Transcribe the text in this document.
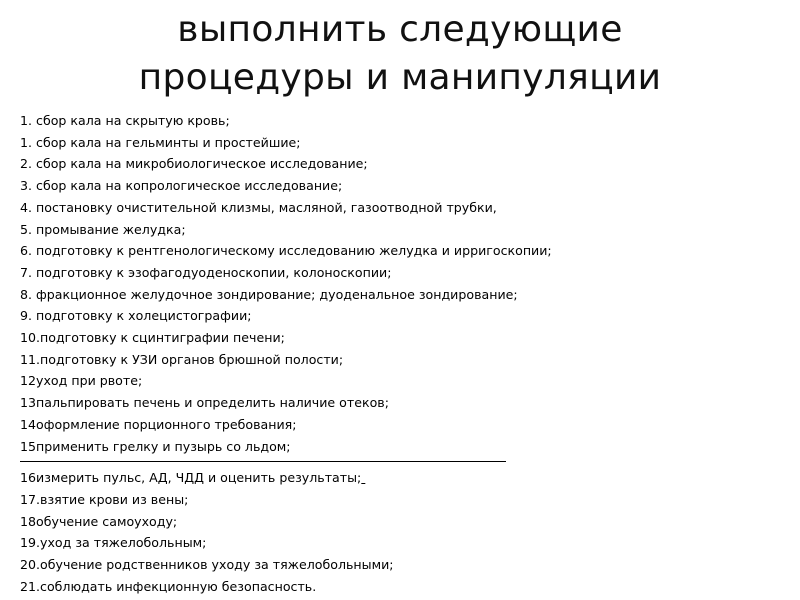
выполнить следующие
процедуры и манипуляции
1. сбор кала на скрытую кровь;
1. сбор кала на гельминты и простейшие;
2. сбор кала на микробиологическое исследование;
3. сбор кала на копрологическое исследование;
4. постановку очистительной клизмы, масляной, газоотводной трубки,
5. промывание желудка;
6. подготовку к рентгенологическому исследованию желудка и ирригоскопии;
7. подготовку к эзофагодуоденоскопии, колоноскопии;
8. фракционное желудочное зондирование; дуоденальное зондирование;
9. подготовку к холецистографии;
10.подготовку к сцинтиграфии печени;
11.подготовку к УЗИ органов брюшной полости;
12уход при рвоте;
13пальпировать печень и определить наличие отеков;
14оформление порционного требования;
15применить грелку и пузырь со льдом;
16измерить пульс, АД, ЧДД и оценить результаты;
17.взятие крови из вены;
18обучение самоуходу;
19.уход за тяжелобольным;
20.обучение родственников уходу за тяжелобольными;
21.соблюдать инфекционную безопасность.
